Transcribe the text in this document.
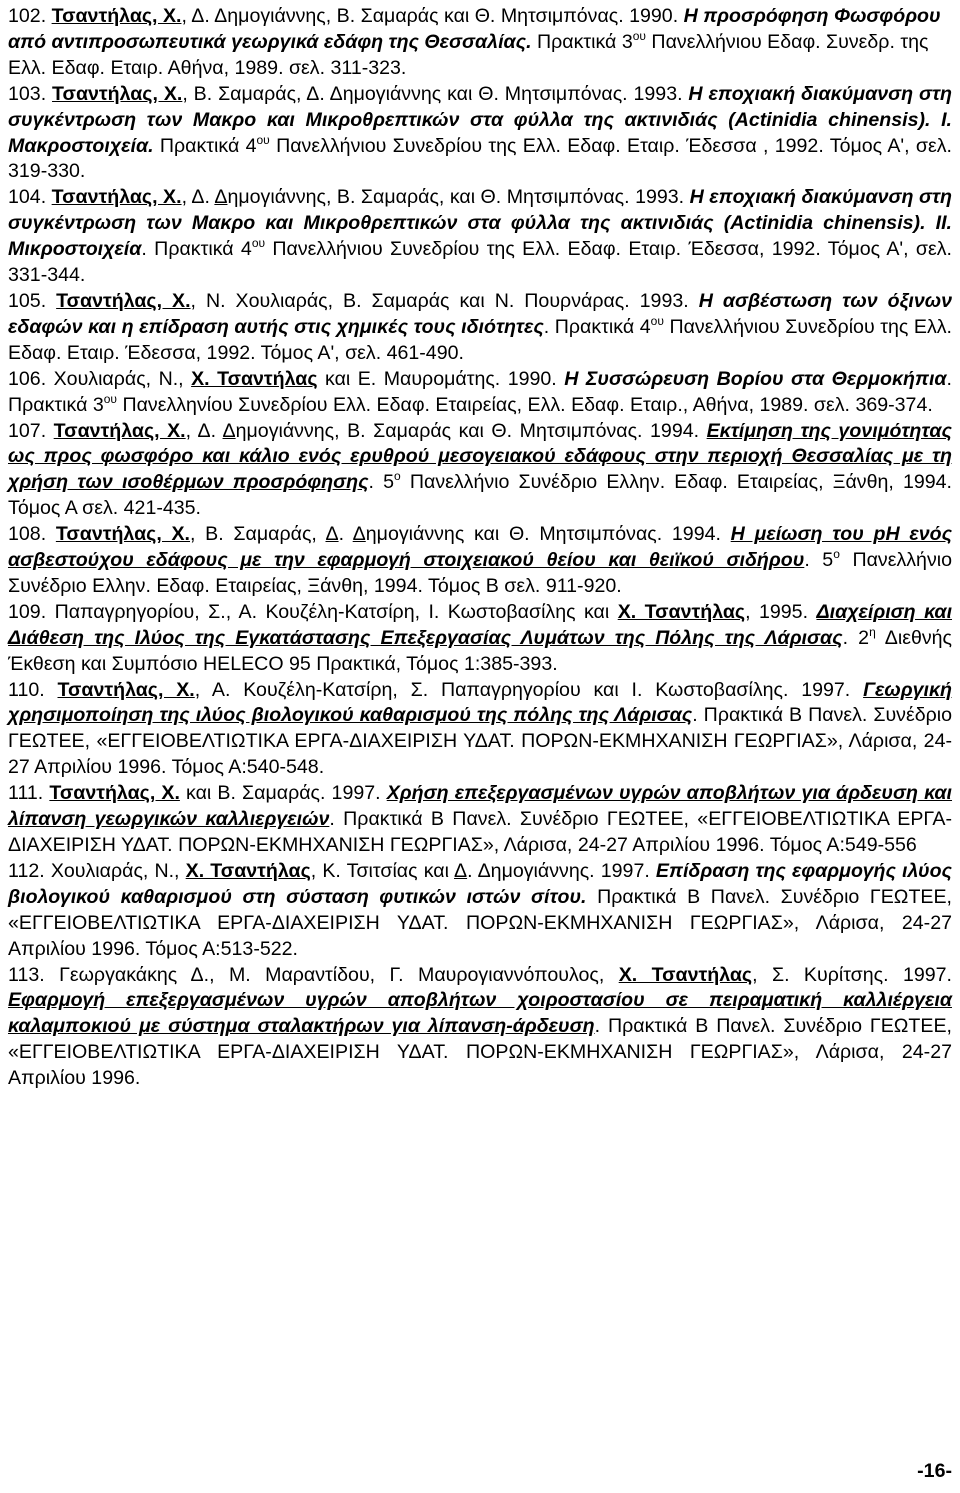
102. Τσαντήλας, Χ., Δ. Δημογιάννης, Β. Σαμαράς και Θ. Μητσιμπόνας. 1990. Η προσρόφηση Φωσφόρου από αντιπροσωπευτικά γεωργικά εδάφη της Θεσσαλίας. Πρακτικά $3^{o\upsilon}$ Πανελλήνιου Εδαφ. Συνεδρ. της Ελλ. Εδαφ. Εταιρ. Αθήνα, 1989. σελ. 311-323.

103. Τσαντήλας, Χ., Β. Σαμαράς, Δ. Δημογιάννης και Θ. Μητσιμπόνας. 1993. Η εποχιακή διακύμανση στη συγκέντρωση των Μακρο και Μικροθρεπτικών στα φύλλα της ακτινιδιάς (Actinidia chinensis). I. Μακροστοιχεία. Πρακτικά $4^{o\upsilon}$ Πανελλήνιου Συνεδρίου της Ελλ. Εδαφ. Εταιρ. Έδεσσα , 1992. Τόμος Α', σελ. 319-330.

104. Τσαντήλας, Χ., Δ. Δημογιάννης, Β. Σαμαράς, και Θ. Μητσιμπόνας. 1993. Η εποχιακή διακύμανση στη συγκέντρωση των Μακρο και Μικροθρεπτικών στα φύλλα της ακτινιδιάς (Actinidia chinensis). II. Μικροστοιχεία. Πρακτικά $4^{o\upsilon}$ Πανελλήνιου Συνεδρίου της Ελλ. Εδαφ. Εταιρ. Έδεσσα, 1992. Τόμος Α', σελ. 331-344.

105. Τσαντήλας, Χ., Ν. Χουλιαράς, Β. Σαμαράς και Ν. Πουρνάρας. 1993. Η ασβέστωση των όξινων εδαφών και η επίδραση αυτής στις χημικές τους ιδιότητες. Πρακτικά $4^{o\upsilon}$ Πανελλήνιου Συνεδρίου της Ελλ. Εδαφ. Εταιρ. Έδεσσα, 1992. Τόμος Α', σελ. 461-490.

106. Χουλιαράς, Ν., Χ. Τσαντήλας και Ε. Μαυρομάτης. 1990. Η Συσσώρευση Βορίου στα Θερμοκήπια. Πρακτικά $3^{o\upsilon}$ Πανελληνίου Συνεδρίου Ελλ. Εδαφ. Εταιρείας, Ελλ. Εδαφ. Εταιρ., Αθήνα, 1989. σελ. 369-374.

107. Τσαντήλας, Χ., Δ. Δημογιάννης, Β. Σαμαράς και Θ. Μητσιμπόνας. 1994. Εκτίμηση της γονιμότητας ως προς φωσφόρο και κάλιο ενός ερυθρού μεσογειακού εδάφους στην περιοχή Θεσσαλίας με τη χρήση των ισοθέρμων προσρόφησης. $5^o$ Πανελλήνιο Συνέδριο Ελλην. Εδαφ. Εταιρείας, Ξάνθη, 1994. Τόμος Α σελ. 421-435.

108. Τσαντήλας, Χ., Β. Σαμαράς, Δ. Δημογιάννης και Θ. Μητσιμπόνας. 1994. Η μείωση του pH ενός ασβεστούχου εδάφους με την εφαρμογή στοιχειακού θείου και θειϊκού σιδήρου. $5^o$ Πανελλήνιο Συνέδριο Ελλην. Εδαφ. Εταιρείας, Ξάνθη, 1994. Τόμος Β σελ. 911-920.

109. Παπαγρηγορίου, Σ., Α. Κουζέλη-Κατσίρη, Ι. Κωστοβασίλης και Χ. Τσαντήλας, 1995. Διαχείριση και Διάθεση της Ιλύος της Εγκατάστασης Επεξεργασίας Λυμάτων της Πόλης της Λάρισας. $2^\eta$ Διεθνής Έκθεση και Συμπόσιο HELECO 95 Πρακτικά, Τόμος 1:385-393.

110. Τσαντήλας, Χ., Α. Κουζέλη-Κατσίρη, Σ. Παπαγρηγορίου και Ι. Κωστοβασίλης. 1997. Γεωργική χρησιμοποίηση της ιλύος βιολογικού καθαρισμού της πόλης της Λάρισας. Πρακτικά Β Πανελ. Συνέδριο ΓΕΩΤΕΕ, «ΕΓΓΕΙΟΒΕΛΤΙΩΤΙΚΑ ΕΡΓΑ-ΔΙΑΧΕΙΡΙΣΗ ΥΔΑΤ. ΠΟΡΩΝ-ΕΚΜΗΧΑΝΙΣΗ ΓΕΩΡΓΙΑΣ», Λάρισα, 24-27 Απριλίου 1996. Τόμος Α:540-548.

111. Τσαντήλας, Χ. και Β. Σαμαράς. 1997. Χρήση επεξεργασμένων υγρών αποβλήτων για άρδευση και λίπανση γεωργικών καλλιεργειών. Πρακτικά Β Πανελ. Συνέδριο ΓΕΩΤΕΕ, «ΕΓΓΕΙΟΒΕΛΤΙΩΤΙΚΑ ΕΡΓΑ-ΔΙΑΧΕΙΡΙΣΗ ΥΔΑΤ. ΠΟΡΩΝ-ΕΚΜΗΧΑΝΙΣΗ ΓΕΩΡΓΙΑΣ», Λάρισα, 24-27 Απριλίου 1996. Τόμος Α:549-556

112. Χουλιαράς, Ν., Χ. Τσαντήλας, Κ. Τσιτσίας και Δ. Δημογιάννης. 1997. Επίδραση της εφαρμογής ιλύος βιολογικού καθαρισμού στη σύσταση φυτικών ιστών σίτου. Πρακτικά Β Πανελ. Συνέδριο ΓΕΩΤΕΕ, «ΕΓΓΕΙΟΒΕΛΤΙΩΤΙΚΑ ΕΡΓΑ-ΔΙΑΧΕΙΡΙΣΗ ΥΔΑΤ. ΠΟΡΩΝ-ΕΚΜΗΧΑΝΙΣΗ ΓΕΩΡΓΙΑΣ», Λάρισα, 24-27 Απριλίου 1996. Τόμος Α:513-522.

113. Γεωργακάκης Δ., Μ. Μαραντίδου, Γ. Μαυρογιαννόπουλος, Χ. Τσαντήλας, Σ. Κυρίτσης. 1997. Εφαρμογή επεξεργασμένων υγρών αποβλήτων χοιροστασίου σε πειραματική καλλιέργεια καλαμποκιού με σύστημα σταλακτήρων για λίπανση-άρδευση. Πρακτικά Β Πανελ. Συνέδριο ΓΕΩΤΕΕ, «ΕΓΓΕΙΟΒΕΛΤΙΩΤΙΚΑ ΕΡΓΑ-ΔΙΑΧΕΙΡΙΣΗ ΥΔΑΤ. ΠΟΡΩΝ-ΕΚΜΗΧΑΝΙΣΗ ΓΕΩΡΓΙΑΣ», Λάρισα, 24-27 Απριλίου 1996.

-16-
